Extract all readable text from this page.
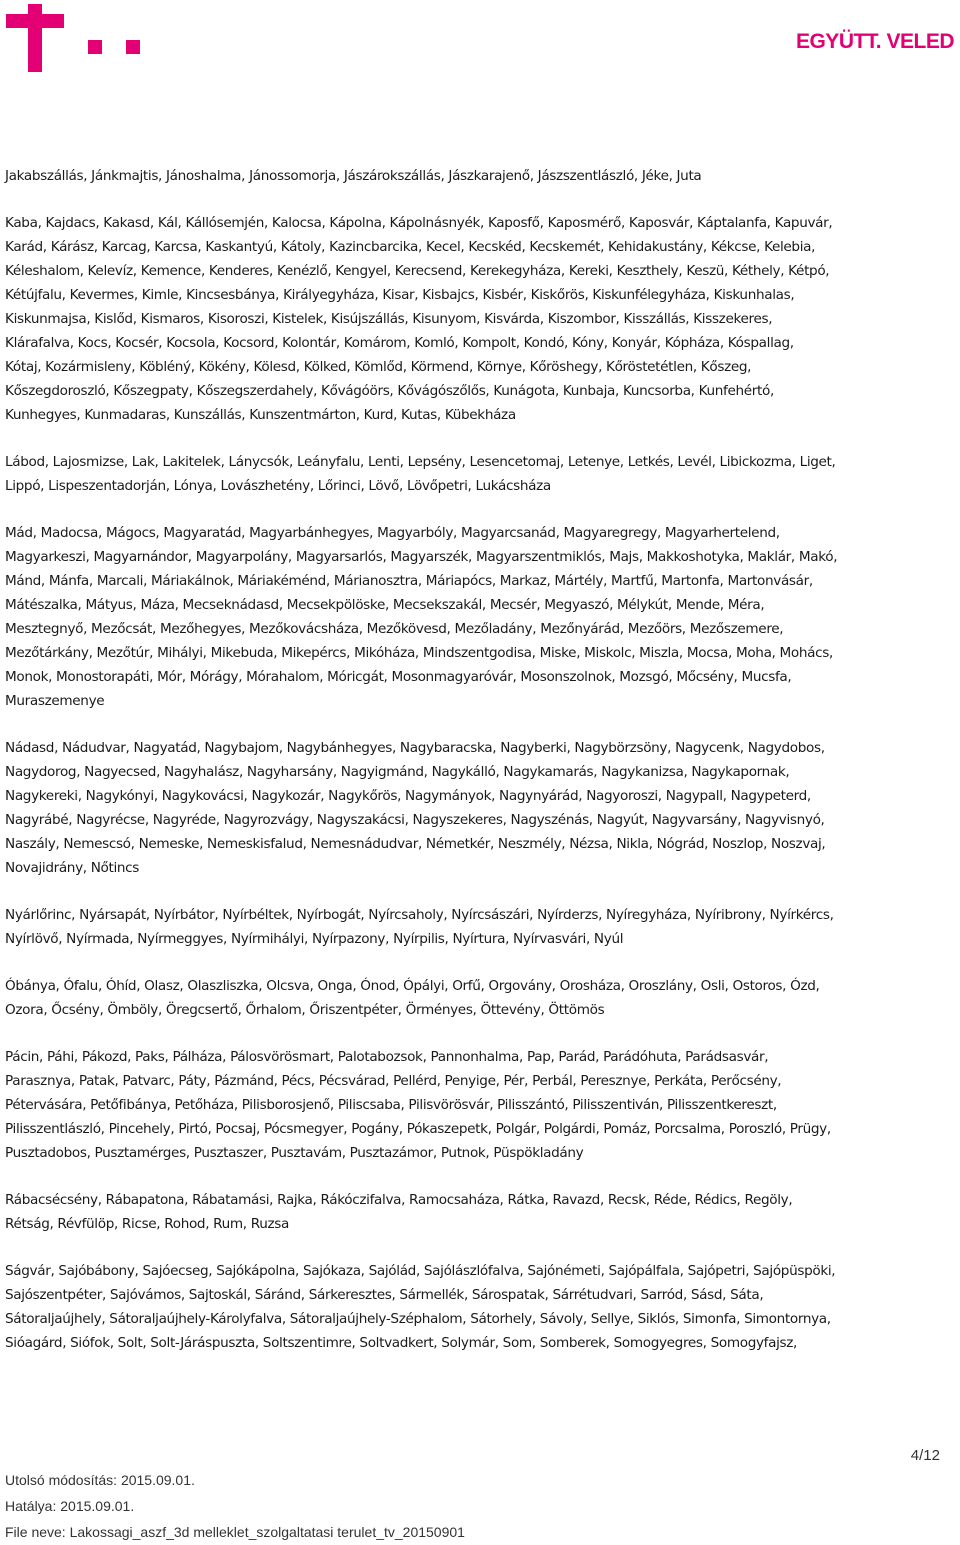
EGYÜTT. VELED

Jakabszállás, Jánkmajtis, Jánoshalma, Jánossomorja, Jászárokszállás, Jászkarajenő, Jászszentlászló, Jéke, Juta

Kaba, Kajdacs, Kakasd, Kál, Kállósemjén, Kalocsa, Kápolna, Kápolnásnyék, Kaposfő, Kaposmérő, Kaposvár, Káptalanfa, Kapuvár,
Karád, Kárász, Karcag, Karcsa, Kaskantyú, Kátoly, Kazincbarcika, Kecel, Kecskéd, Kecskemét, Kehidakustány, Kékcse, Kelebia,
Kéleshalom, Kelevíz, Kemence, Kenderes, Kenézlő, Kengyel, Kerecsend, Kerekegyháza, Kereki, Keszthely, Keszü, Kéthely, Kétpó,
Kétújfalu, Kevermes, Kimle, Kincsesbánya, Királyegyháza, Kisar, Kisbajcs, Kisbér, Kiskőrös, Kiskunfélegyháza, Kiskunhalas,
Kiskunmajsa, Kislőd, Kismaros, Kisoroszi, Kistelek, Kisújszállás, Kisunyom, Kisvárda, Kiszombor, Kisszállás, Kisszekeres,
Klárafalva, Kocs, Kocsér, Kocsola, Kocsord, Kolontár, Komárom, Komló, Kompolt, Kondó, Kóny, Konyár, Kópháza, Kóspallag,
Kótaj, Kozármisleny, Köbléný, Kökény, Kölesd, Kölked, Kömlőd, Körmend, Környe, Kőröshegy, Kőröstetétlen, Kőszeg,
Kőszegdoroszló, Kőszegpaty, Kőszegszerdahely, Kővágóörs, Kővágószőlős, Kunágota, Kunbaja, Kuncsorba, Kunfehértó,
Kunhegyes, Kunmadaras, Kunszállás, Kunszentmárton, Kurd, Kutas, Kübekháza

Lábod, Lajosmizse, Lak, Lakitelek, Lánycsók, Leányfalu, Lenti, Lepsény, Lesencetomaj, Letenye, Letkés, Levél, Libickozma, Liget,
Lippó, Lispeszentadorján, Lónya, Lovászhetény, Lőrinci, Lövő, Lövőpetri, Lukácsháza

Mád, Madocsa, Mágocs, Magyaratád, Magyarbánhegyes, Magyarbóly, Magyarcsanád, Magyaregregy, Magyarhertelend,
Magyarkeszi, Magyarnándor, Magyarpolány, Magyarsarlós, Magyarszék, Magyarszentmiklós, Majs, Makkoshotyka, Maklár, Makó,
Mánd, Mánfa, Marcali, Máriakálnok, Máriakéménd, Márianosztra, Máriapócs, Markaz, Mártély, Martfű, Martonfa, Martonvásár,
Mátészalka, Mátyus, Máza, Mecseknádasd, Mecsekpölöske, Mecsekszakál, Mecsér, Megyaszó, Mélykút, Mende, Méra,
Mesztegnyő, Mezőcsát, Mezőhegyes, Mezőkovácsháza, Mezőkövesd, Mezőladány, Mezőnyárád, Mezőörs, Mezőszemere,
Mezőtárkány, Mezőtúr, Mihályi, Mikebuda, Mikepércs, Mikóháza, Mindszentgodisa, Miske, Miskolc, Miszla, Mocsa, Moha, Mohács,
Monok, Monostorapáti, Mór, Mórágy, Mórahalom, Móricgát, Mosonmagyaróvár, Mosonszolnok, Mozsgó, Mőcsény, Mucsfa,
Muraszemenye

Nádasd, Nádudvar, Nagyatád, Nagybajom, Nagybánhegyes, Nagybaracska, Nagyberki, Nagybörzsöny, Nagycenk, Nagydobos,
Nagydorog, Nagyecsed, Nagyhalász, Nagyharsány, Nagyigmánd, Nagykálló, Nagykamarás, Nagykanizsa, Nagykapornak,
Nagykereki, Nagykónyi, Nagykovácsi, Nagykozár, Nagykőrös, Nagymányok, Nagynyárád, Nagyoroszi, Nagypall, Nagypeterd,
Nagyrábé, Nagyrécse, Nagyréde, Nagyrozvágy, Nagyszakácsi, Nagyszekeres, Nagyszénás, Nagyút, Nagyvarsány, Nagyvisnyó,
Naszály, Nemescsó, Nemeske, Nemeskisfalud, Nemesnádudvar, Németkér, Neszmély, Nézsa, Nikla, Nógrád, Noszlop, Noszvaj,
Novajidrány, Nőtincs

Nyárlőrinc, Nyársapát, Nyírbátor, Nyírbéltek, Nyírbogát, Nyírcsaholy, Nyírcsászári, Nyírderzs, Nyíregyháza, Nyíribrony, Nyírkércs,
Nyírlövő, Nyírmada, Nyírmeggyes, Nyírmihályi, Nyírpazony, Nyírpilis, Nyírtura, Nyírvasvári, Nyúl

Óbánya, Ófalu, Óhíd, Olasz, Olaszliszka, Olcsva, Onga, Ónod, Ópályi, Orfű, Orgovány, Orosháza, Oroszlány, Osli, Ostoros, Ózd,
Ozora, Őcsény, Ömböly, Öregcsertő, Őrhalom, Őriszentpéter, Örményes, Öttevény, Öttömös

Pácin, Páhi, Pákozd, Paks, Pálháza, Pálosvörösmart, Palotabozsok, Pannonhalma, Pap, Parád, Parádóhuta, Parádsasvár,
Parasznya, Patak, Patvarc, Páty, Pázmánd, Pécs, Pécsvárad, Pellérd, Penyige, Pér, Perbál, Peresznye, Perkáta, Perőcsény,
Pétervására, Petőfibánya, Petőháza, Pilisborosjenő, Piliscsaba, Pilisvörösvár, Pilisszántó, Pilisszentiván, Pilisszentkereszt,
Pilisszentlászló, Pincehely, Pirtó, Pocsaj, Pócsmegyer, Pogány, Pókaszepetk, Polgár, Polgárdi, Pomáz, Porcsalma, Poroszló, Prügy,
Pusztadobos, Pusztamérges, Pusztaszer, Pusztavám, Pusztazámor, Putnok, Püspökladány

Rábacsécsény, Rábapatona, Rábatamási, Rajka, Rákóczifalva, Ramocsaháza, Rátka, Ravazd, Recsk, Réde, Rédics, Regöly,
Rétság, Révfülöp, Ricse, Rohod, Rum, Ruzsa

Ságvár, Sajóbábony, Sajóecseg, Sajókápolna, Sajókaza, Sajólád, Sajólászlófalva, Sajónémeti, Sajópálfala, Sajópetri, Sajópüspöki,
Sajószentpéter, Sajóvámos, Sajtoskál, Sáránd, Sárkeresztes, Sármellék, Sárospatak, Sárrétudvari, Sarród, Sásd, Sáta,
Sátoraljaújhely, Sátoraljaújhely-Károlyfalva, Sátoraljaújhely-Széphalom, Sátorhely, Sávoly, Sellye, Siklós, Simonfa, Simontornya,
Sióagárd, Siófok, Solt, Solt-Járáspuszta, Soltszentimre, Soltvadkert, Solymár, Som, Somberek, Somogyegres, Somogyfajsz,

4/12
Utolsó módosítás: 2015.09.01.
Hatálya: 2015.09.01.
File neve: Lakossagi_aszf_3d melleklet_szolgaltatasi terulet_tv_20150901
